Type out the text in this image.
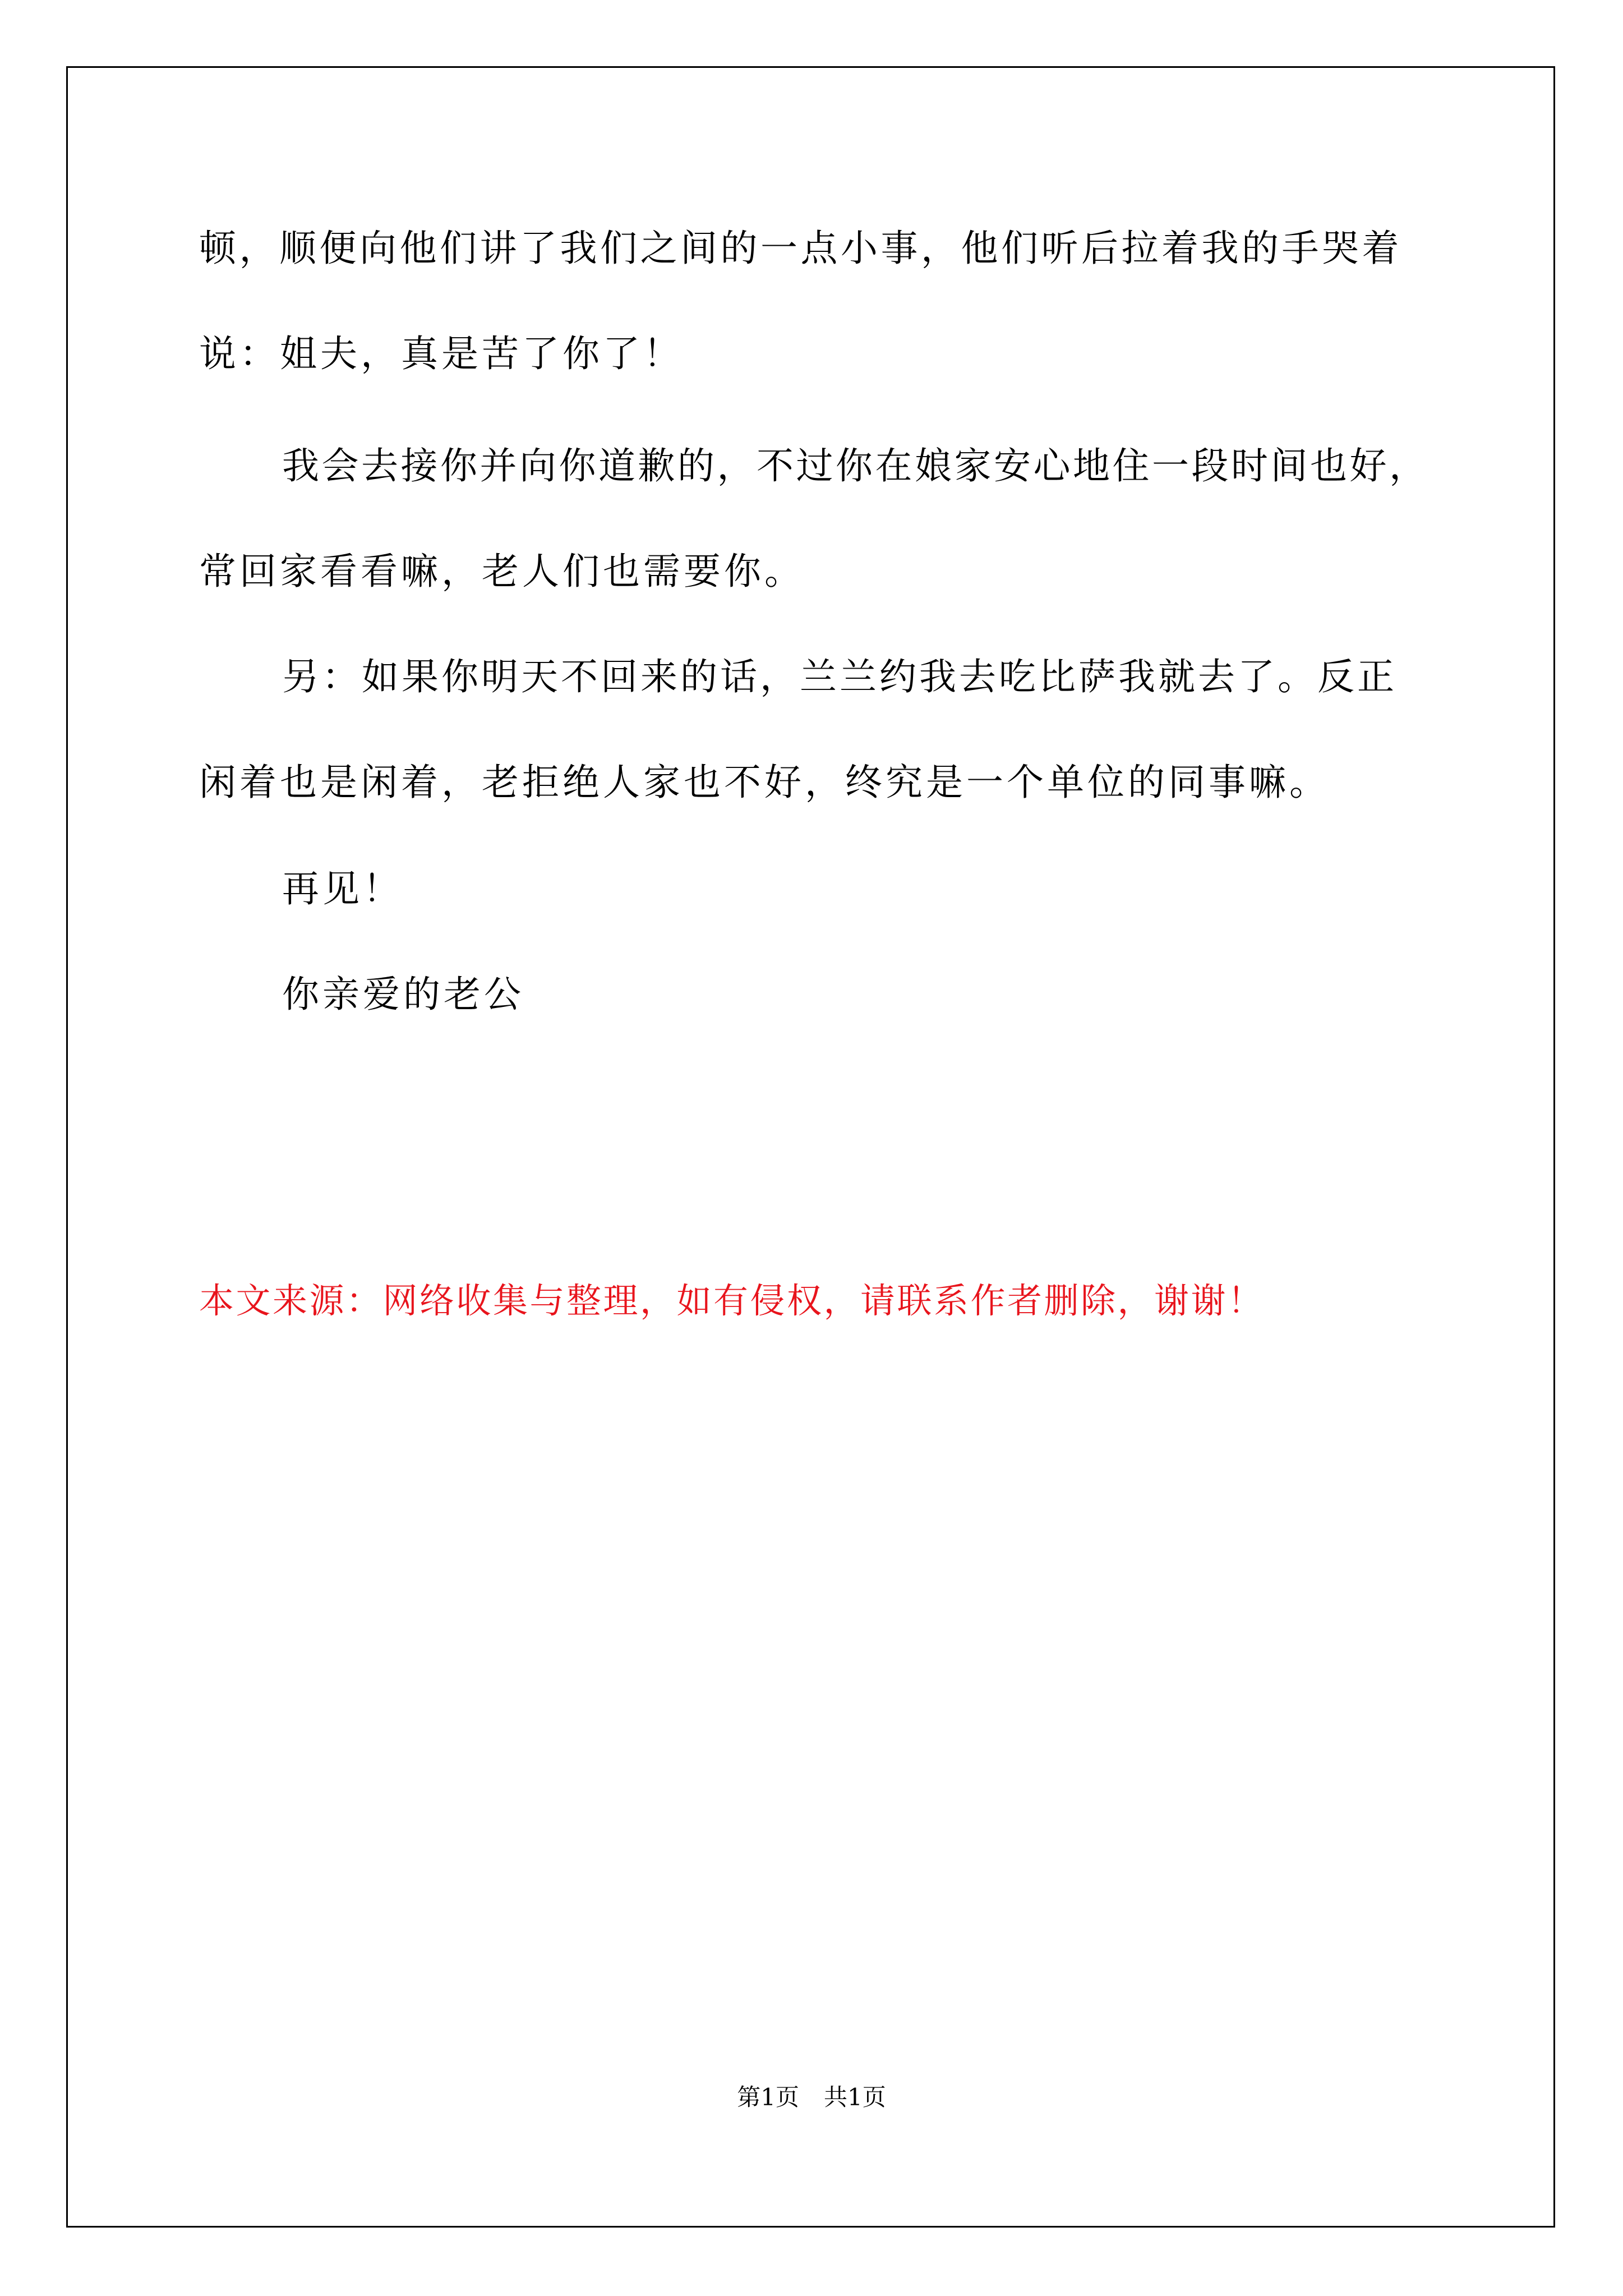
顿，顺便向他们讲了我们之间的一点小事，他们听后拉着我的手哭着

说：姐夫，真是苦了你了！

我会去接你并向你道歉的，不过你在娘家安心地住一段时间也好，

常回家看看嘛，老人们也需要你。

另：如果你明天不回来的话，兰兰约我去吃比萨我就去了。反正

闲着也是闲着，老拒绝人家也不好，终究是一个单位的同事嘛。

再见！

你亲爱的老公

本文来源：网络收集与整理，如有侵权，请联系作者删除，谢谢！

第1页 共1页
